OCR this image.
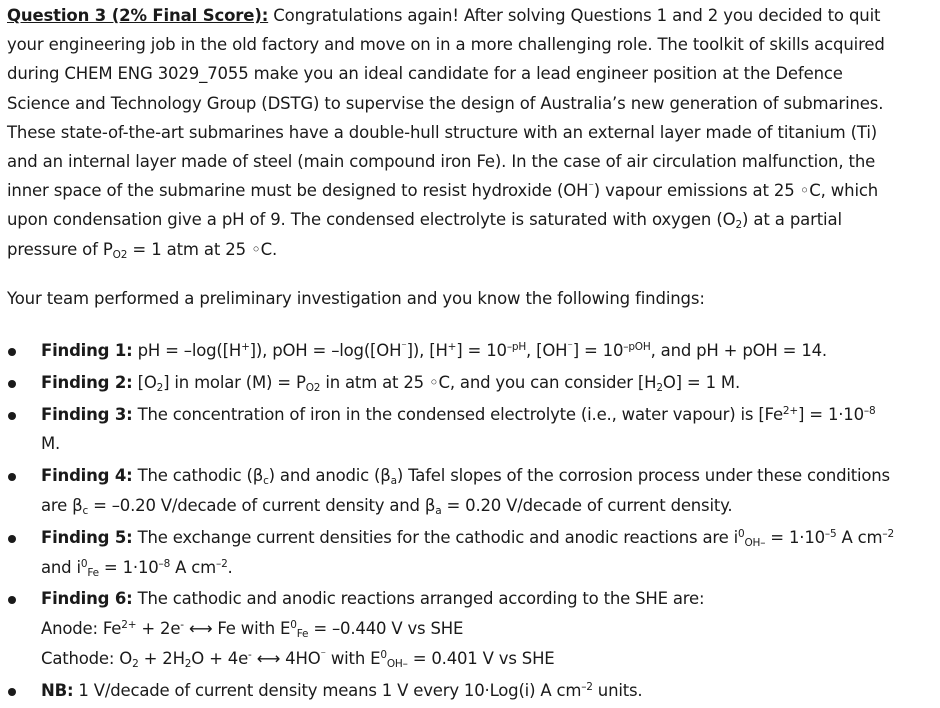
Question 3 (2% Final Score): Congratulations again! After solving Questions 1 and 2 you decided to quit
your engineering job in the old factory and move on in a more challenging role. The toolkit of skills acquired
during CHEM ENG 3029_7055 make you an ideal candidate for a lead engineer position at the Defence
Science and Technology Group (DSTG) to supervise the design of Australia’s new generation of submarines.
These state-of-the-art submarines have a double-hull structure with an external layer made of titanium (Ti)
and an internal layer made of steel (main compound iron Fe). In the case of air circulation malfunction, the
inner space of the submarine must be designed to resist hydroxide (OH⁻) vapour emissions at 25 ◦C, which
upon condensation give a pH of 9. The condensed electrolyte is saturated with oxygen $(O_2)$ at a partial
pressure of $P_{O2} = 1$ atm at 25 ◦C.
Your team performed a preliminary investigation and you know the following findings:
Finding 1: pH = –log([H+]), pOH = –log([OH⁻]), $[H^+] = 10^{-pH}$, $[OH^{^-}] = 10^{-pOH}$, and pH + pOH = 14.
Finding 2: $[O_2]$ in molar $(M) = P_{O2}$ in atm at 25 ◦C, and you can consider $[H_2O] = 1$ M.
Finding 3: The concentration of iron in the condensed electrolyte (i.e., water vapour) is $[Fe^{2+}] = 1\cdot 10^{-8}$
M.
Finding 4: The cathodic $(\beta_c)$ and anodic $(\beta_a)$ Tafel slopes of the corrosion process under these conditions
are $\beta_c = -0.20$ V/decade of current density and $\beta_a = 0.20$ V/decade of current density.
Finding 5: The exchange current densities for the cathodic and anodic reactions are $i^0_{OH-} = 1\cdot 10^{-5}$ A $cm^{-2}$
and $i^0_{Fe} = 1\cdot 10^{-8}$ A $cm^{-2}$.
Finding 6: The cathodic and anodic reactions arranged according to the SHE are:
Anode: $Fe^{2+} + 2e^-$ ⟷ Fe with $E^0_{Fe} = -0.440$ V vs SHE
Cathode: $O_2 + 2H_2O + 4e^-$ ⟷ 4HO⁻ with $E^0_{OH-} = 0.401$ V vs SHE
NB: 1 V/decade of current density means 1 V every 10·Log(i) A $cm^{-2}$ units.
